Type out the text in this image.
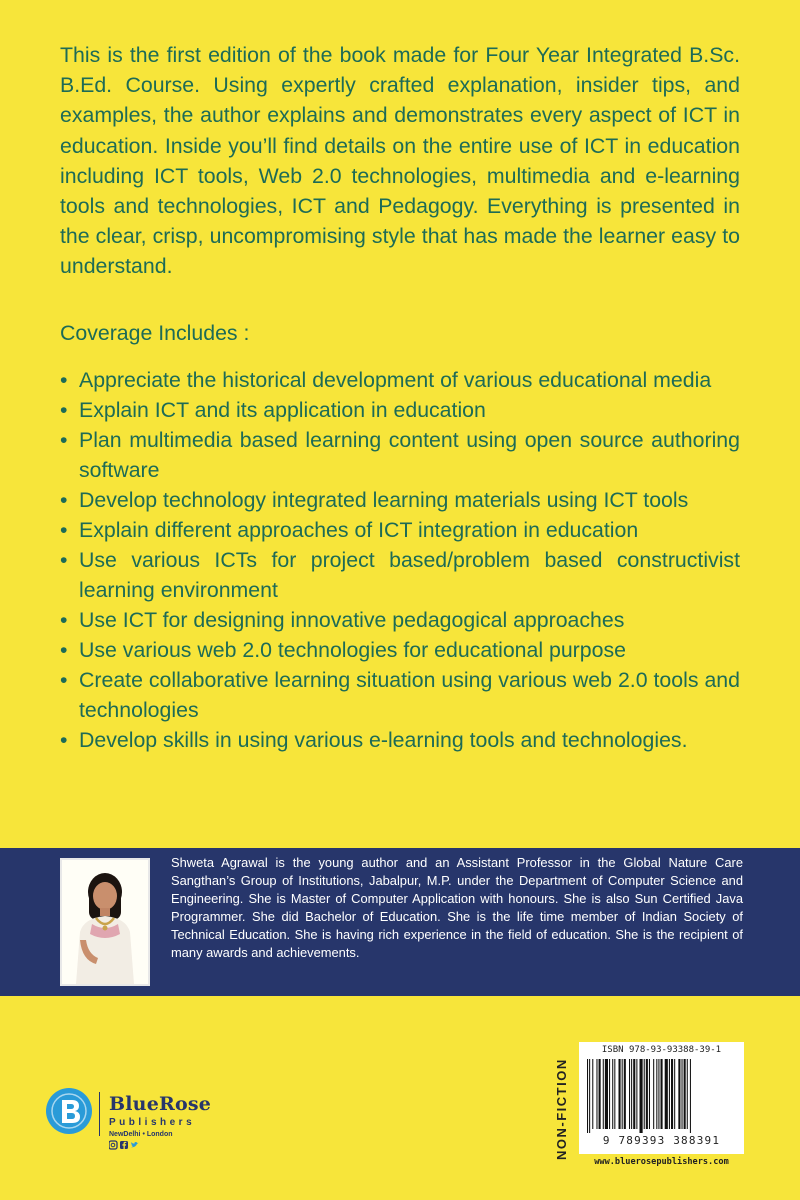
This is the first edition of the book made for Four Year Integrated B.Sc. B.Ed. Course. Using expertly crafted explanation, insider tips, and examples, the author explains and demonstrates every aspect of ICT in education. Inside you’ll find details on the entire use of ICT in education including ICT tools, Web 2.0 technologies, multimedia and e-learning tools and technologies, ICT and Pedagogy. Everything is presented in the clear, crisp, uncompromising style that has made the learner easy to understand.

Coverage Includes :

• Appreciate the historical development of various educational media
• Explain ICT and its application in education
• Plan multimedia based learning content using open source authoring software
• Develop technology integrated learning materials using ICT tools
• Explain different approaches of ICT integration in education
• Use various ICTs for project based/problem based constructivist learning environment
• Use ICT for designing innovative pedagogical approaches
• Use various web 2.0 technologies for educational purpose
• Create collaborative learning situation using various web 2.0 tools and technologies
• Develop skills in using various e-learning tools and technologies.

Shweta Agrawal is the young author and an Assistant Professor in the Global Nature Care Sangthan’s Group of Institutions, Jabalpur, M.P. under the Department of Computer Science and Engineering. She is Master of Computer Application with honours. She is also Sun Certified Java Programmer. She did Bachelor of Education. She is the life time member of Indian Society of Technical Education. She is having rich experience in the field of education. She is the recipient of many awards and achievements.

BlueRose
Publishers
NewDelhi • London	NON-FICTION
ISBN 978-93-93388-39-1
9 789393 388391
www.bluerosepublishers.com
